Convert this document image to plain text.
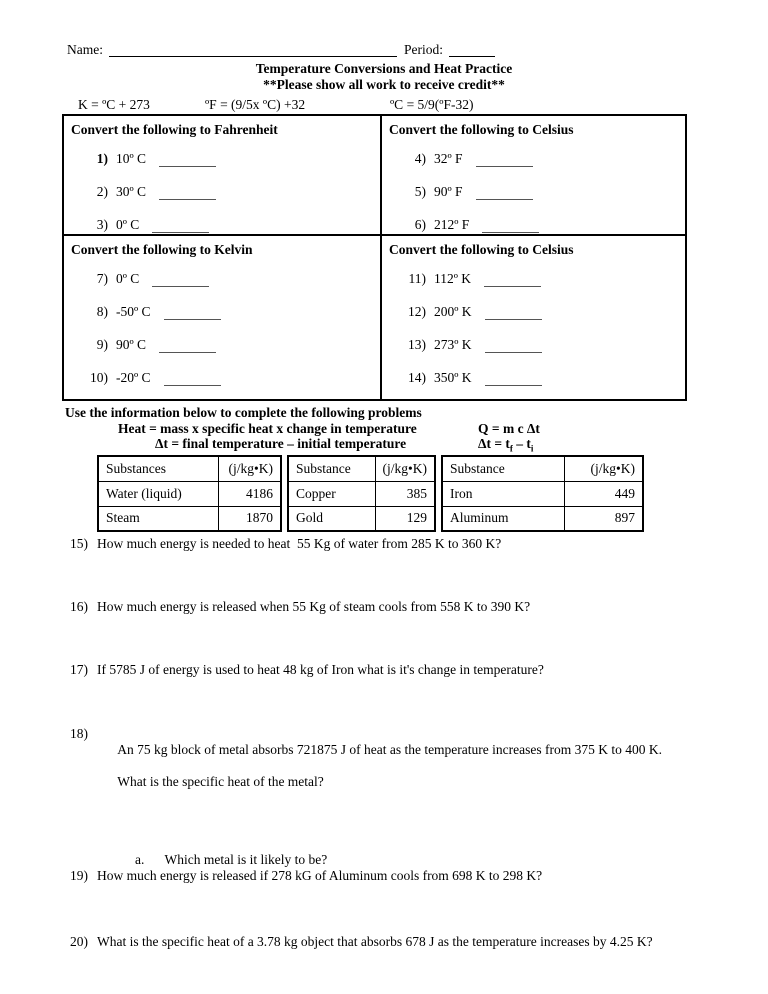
Name:	Period:
Temperature Conversions and Heat Practice
**Please show all work to receive credit**
K = ºC + 273	ºF = (9/5x ºC) +32	ºC = 5/9(ºF-32)
Convert the following to Fahrenheit
1) 10º C
2) 30º C
3) 0º C

Convert the following to Celsius
4) 32º F
5) 90º F
6) 212º F

Convert the following to Kelvin
7) 0º C
8) -50º C
9) 90º C
10) -20º C

Convert the following to Celsius
11) 112º K
12) 200º K
13) 273º K
14) 350º K
Use the information below to complete the following problems
Heat = mass x specific heat x change in temperature	Q = m c Δt
Δt = final temperature – initial temperature	$\Delta t = t_f - t_i$
Substances	(j/kg•K)
Water (liquid)	4186
Steam	1870
Substance	(j/kg•K)
Copper	385
Gold	129
Substance	(j/kg•K)
Iron	449
Aluminum	897
15) How much energy is needed to heat  55 Kg of water from 285 K to 360 K?
16) How much energy is released when 55 Kg of steam cools from 558 K to 390 K?
17) If 5785 J of energy is used to heat 48 kg of Iron what is it's change in temperature?
18)

An 75 kg block of metal absorbs 721875 J of heat as the temperature increases from 375 K to 400 K.

What is the specific heat of the metal?

a. Which metal is it likely to be?
19) How much energy is released if 278 kG of Aluminum cools from 698 K to 298 K?
20) What is the specific heat of a 3.78 kg object that absorbs 678 J as the temperature increases by 4.25 K?
